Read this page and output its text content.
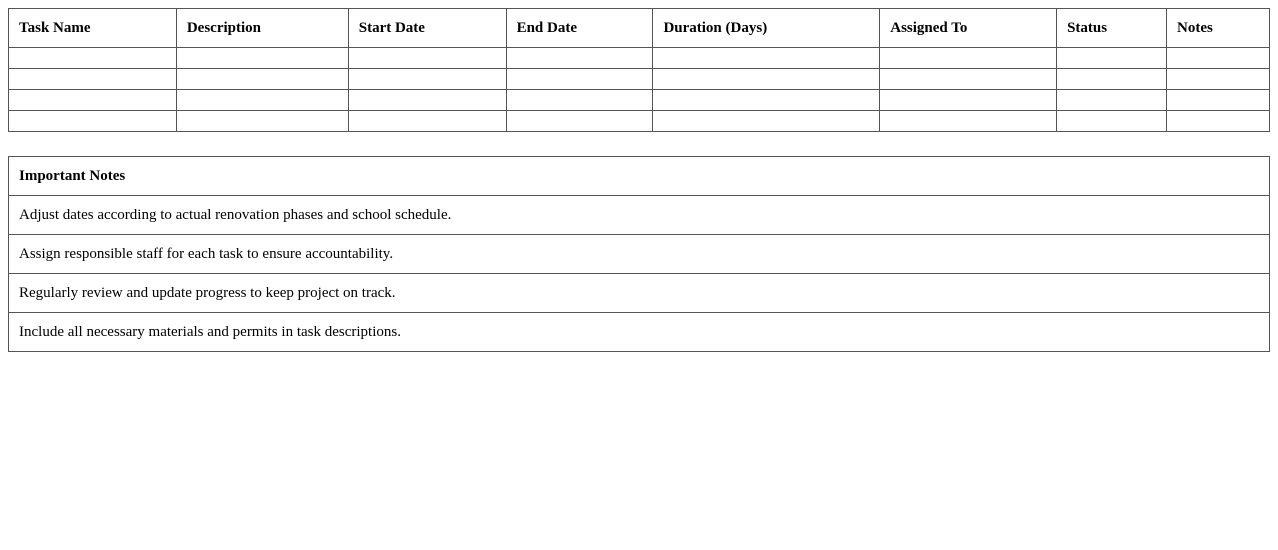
Task Name	Description	Start Date	End Date	Duration (Days)	Assigned To	Status	Notes

Important Notes
Adjust dates according to actual renovation phases and school schedule.
Assign responsible staff for each task to ensure accountability.
Regularly review and update progress to keep project on track.
Include all necessary materials and permits in task descriptions.
